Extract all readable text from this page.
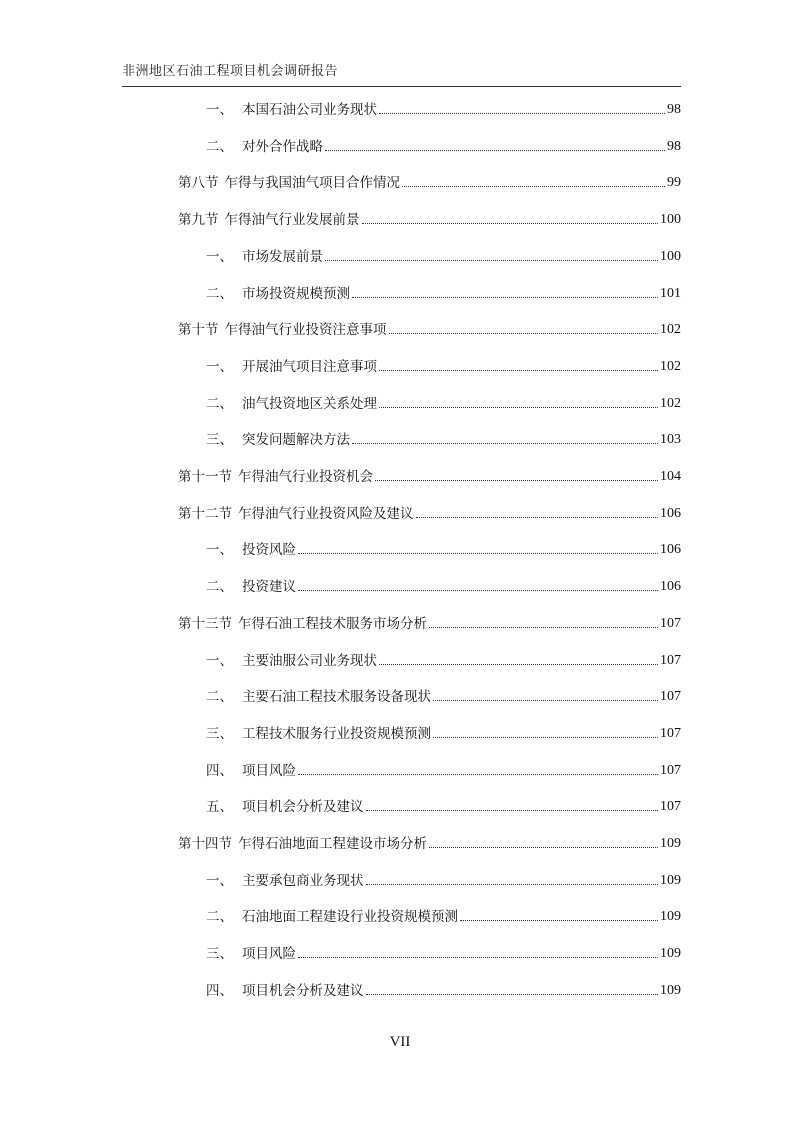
非洲地区石油工程项目机会调研报告
一、 本国石油公司业务现状	98
二、 对外合作战略	98
第八节 乍得与我国油气项目合作情况	99
第九节 乍得油气行业发展前景	100
一、 市场发展前景	100
二、 市场投资规模预测	101
第十节 乍得油气行业投资注意事项	102
一、 开展油气项目注意事项	102
二、 油气投资地区关系处理	102
三、 突发问题解决方法	103
第十一节 乍得油气行业投资机会	104
第十二节 乍得油气行业投资风险及建议	106
一、 投资风险	106
二、 投资建议	106
第十三节 乍得石油工程技术服务市场分析	107
一、 主要油服公司业务现状	107
二、 主要石油工程技术服务设备现状	107
三、 工程技术服务行业投资规模预测	107
四、 项目风险	107
五、 项目机会分析及建议	107
第十四节 乍得石油地面工程建设市场分析	109
一、 主要承包商业务现状	109
二、 石油地面工程建设行业投资规模预测	109
三、 项目风险	109
四、 项目机会分析及建议	109
VII
